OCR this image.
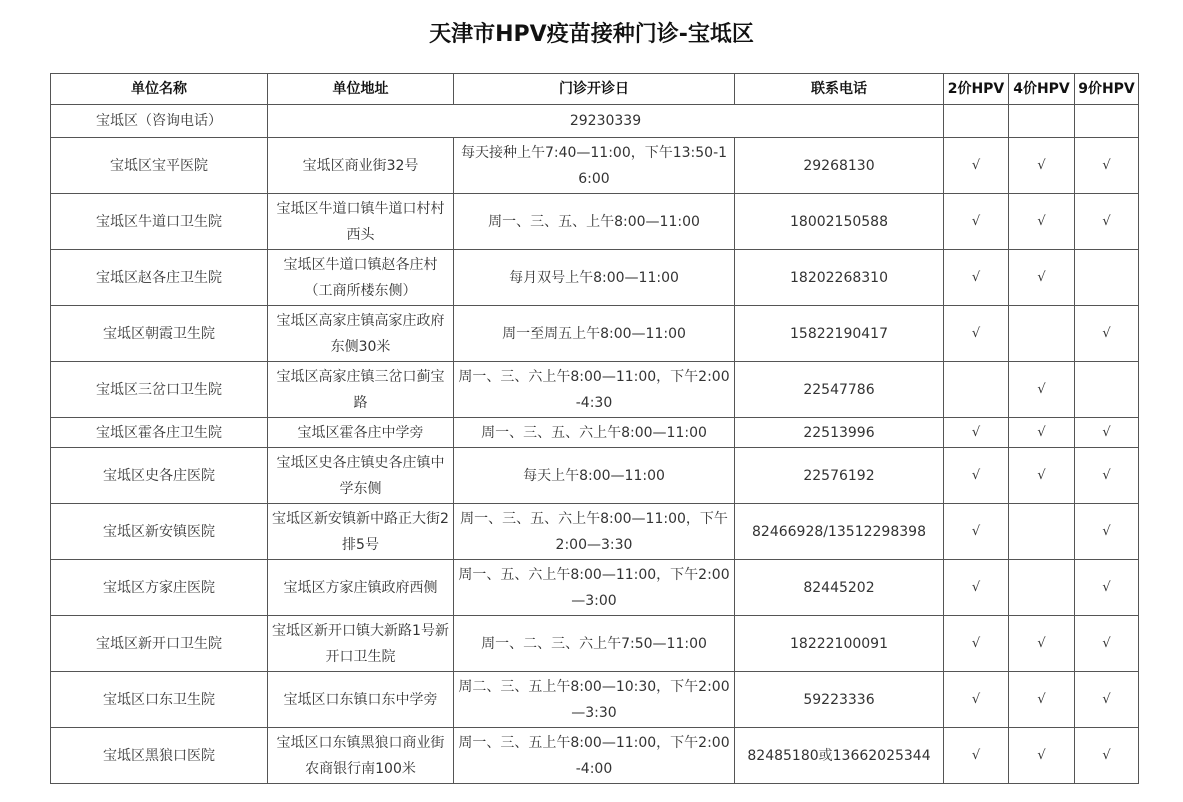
天津市HPV疫苗接种门诊-宝坻区
单位名称	单位地址	门诊开诊日	联系电话	2价HPV	4价HPV	9价HPV
宝坻区（咨询电话）	29230339					
宝坻区宝平医院	宝坻区商业街32号	每天接种上午7:40—11:00，下午13:50-16:00	29268130	√	√	√
宝坻区牛道口卫生院	宝坻区牛道口镇牛道口村村西头	周一、三、五、上午8:00—11:00	18002150588	√	√	√
宝坻区赵各庄卫生院	宝坻区牛道口镇赵各庄村（工商所楼东侧）	每月双号上午8:00—11:00	18202268310	√	√	
宝坻区朝霞卫生院	宝坻区高家庄镇高家庄政府东侧30米	周一至周五上午8:00—11:00	15822190417	√		√
宝坻区三岔口卫生院	宝坻区高家庄镇三岔口蓟宝路	周一、三、六上午8:00—11:00，下午2:00-4:30	22547786		√	
宝坻区霍各庄卫生院	宝坻区霍各庄中学旁	周一、三、五、六上午8:00—11:00	22513996	√	√	√
宝坻区史各庄医院	宝坻区史各庄镇史各庄镇中学东侧	每天上午8:00—11:00	22576192	√	√	√
宝坻区新安镇医院	宝坻区新安镇新中路正大街2排5号	周一、三、五、六上午8:00—11:00，下午2:00—3:30	82466928/13512298398	√		√
宝坻区方家庄医院	宝坻区方家庄镇政府西侧	周一、五、六上午8:00—11:00，下午2:00—3:00	82445202	√		√
宝坻区新开口卫生院	宝坻区新开口镇大新路1号新开口卫生院	周一、二、三、六上午7:50—11:00	18222100091	√	√	√
宝坻区口东卫生院	宝坻区口东镇口东中学旁	周二、三、五上午8:00—10:30，下午2:00—3:30	59223336	√	√	√
宝坻区黑狼口医院	宝坻区口东镇黑狼口商业街农商银行南100米	周一、三、五上午8:00—11:00，下午2:00-4:00	82485180或13662025344	√	√	√
